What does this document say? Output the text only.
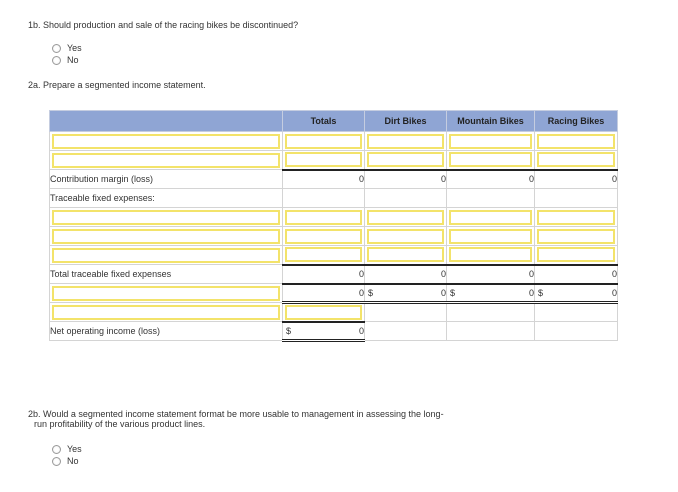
1b. Should production and sale of the racing bikes be discontinued?
Yes
No
2a. Prepare a segmented income statement.
	Totals	Dirt Bikes	Mountain Bikes	Racing Bikes

Contribution margin (loss)	0	0	0	0
Traceable fixed expenses:				

Total traceable fixed expenses	0	0	0	0

	0	$ 0	$ 0	$ 0

Net operating income (loss)	$ 0			
2b. Would a segmented income statement format be more usable to management in assessing the long-
run profitability of the various product lines.
Yes
No
